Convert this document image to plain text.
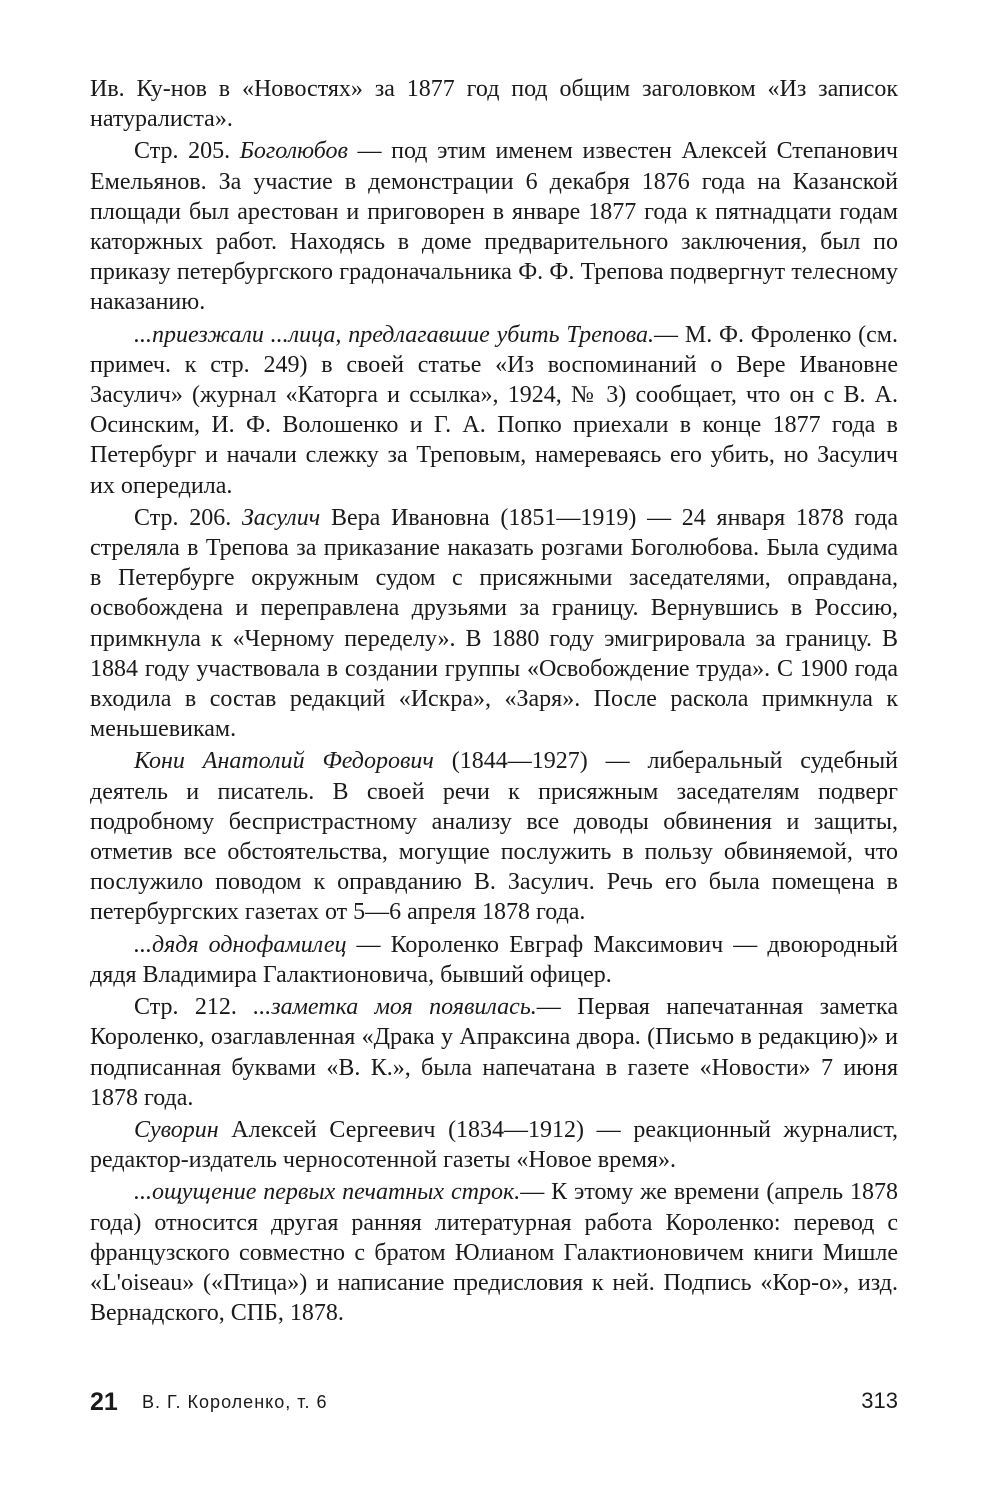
Ив. Ку-нов в «Новостях» за 1877 год под общим заголовком «Из записок натуралиста».

Стр. 205. Боголюбов — под этим именем известен Алексей Степанович Емельянов. За участие в демонстрации 6 декабря 1876 года на Казанской площади был арестован и приговорен в январе 1877 года к пятнадцати годам каторжных работ. Находясь в доме предварительного заключения, был по приказу петербургского градоначальника Ф. Ф. Трепова подвергнут телесному наказанию.

...приезжали ...лица, предлагавшие убить Трепова.— М. Ф. Фроленко (см. примеч. к стр. 249) в своей статье «Из воспоминаний о Вере Ивановне Засулич» (журнал «Каторга и ссылка», 1924, № 3) сообщает, что он с В. А. Осинским, И. Ф. Волошенко и Г. А. Попко приехали в конце 1877 года в Петербург и начали слежку за Треповым, намереваясь его убить, но Засулич их опередила.

Стр. 206. Засулич Вера Ивановна (1851—1919) — 24 января 1878 года стреляла в Трепова за приказание наказать розгами Боголюбова. Была судима в Петербурге окружным судом с присяжными заседателями, оправдана, освобождена и переправлена друзьями за границу. Вернувшись в Россию, примкнула к «Черному переделу». В 1880 году эмигрировала за границу. В 1884 году участвовала в создании группы «Освобождение труда». С 1900 года входила в состав редакций «Искра», «Заря». После раскола примкнула к меньшевикам.

Кони Анатолий Федорович (1844—1927) — либеральный судебный деятель и писатель. В своей речи к присяжным заседателям подверг подробному беспристрастному анализу все доводы обвинения и защиты, отметив все обстоятельства, могущие послужить в пользу обвиняемой, что послужило поводом к оправданию В. Засулич. Речь его была помещена в петербургских газетах от 5—6 апреля 1878 года.

...дядя однофамилец — Короленко Евграф Максимович — двоюродный дядя Владимира Галактионовича, бывший офицер.

Стр. 212. ...заметка моя появилась.— Первая напечатанная заметка Короленко, озаглавленная «Драка у Апраксина двора. (Письмо в редакцию)» и подписанная буквами «В. К.», была напечатана в газете «Новости» 7 июня 1878 года.

Суворин Алексей Сергеевич (1834—1912) — реакционный журналист, редактор-издатель черносотенной газеты «Новое время».

...ощущение первых печатных строк.— К этому же времени (апрель 1878 года) относится другая ранняя литературная работа Короленко: перевод с французского совместно с братом Юлианом Галактионовичем книги Мишле «L'oiseau» («Птица») и написание предисловия к ней. Подпись «Кор-о», изд. Вернадского, СПБ, 1878.

21 В. Г. Короленко, т. 6	313
